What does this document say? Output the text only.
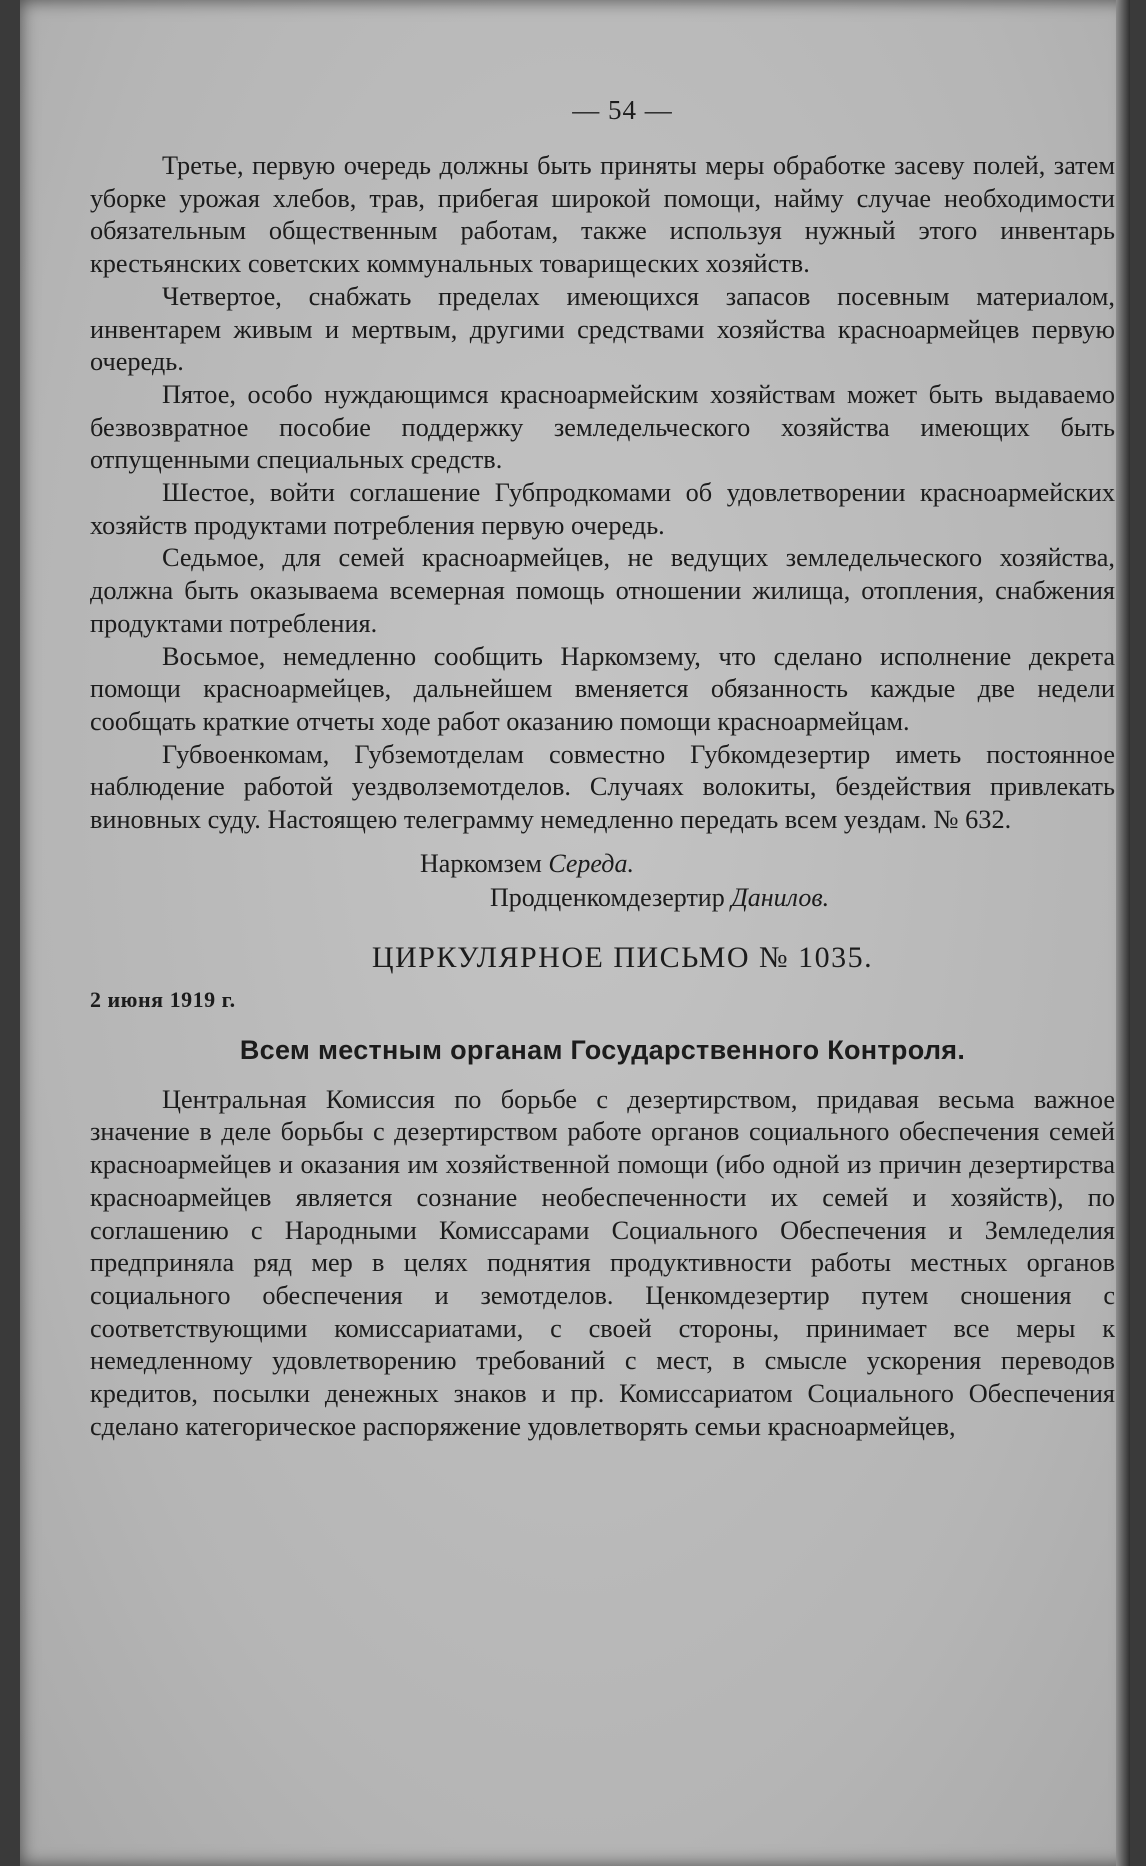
— 54 —

Третье, первую очередь должны быть приняты меры обработке засеву полей, затем уборке урожая хлебов, трав, прибегая широкой помощи, найму случае необходимости обязательным общественным работам, также используя нужный этого инвентарь крестьянских советских коммунальных товарищеских хозяйств.

Четвертое, снабжать пределах имеющихся запасов посевным материалом, инвентарем живым и мертвым, другими средствами хозяйства красноармейцев первую очередь.

Пятое, особо нуждающимся красноармейским хозяйствам может быть выдаваемо безвозвратное пособие поддержку земледельческого хозяйства имеющих быть отпущенными специальных средств.

Шестое, войти соглашение Губпродкомами об удовлетворении красноармейских хозяйств продуктами потребления первую очередь.

Седьмое, для семей красноармейцев, не ведущих земледельческого хозяйства, должна быть оказываема всемерная помощь отношении жилища, отопления, снабжения продуктами потребления.

Восьмое, немедленно сообщить Наркомзему, что сделано исполнение декрета помощи красноармейцев, дальнейшем вменяется обязанность каждые две недели сообщать краткие отчеты ходе работ оказанию помощи красноармейцам.

Губвоенкомам, Губземотделам совместно Губкомдезертир иметь постоянное наблюдение работой уездволземотделов. Случаях волокиты, бездействия привлекать виновных суду. Настоящею телеграмму немедленно передать всем уездам. № 632.

Наркомзем Середа.
Продценкомдезертир Данилов.
ЦИРКУЛЯРНОЕ ПИСЬМО № 1035.
2 июня 1919 г.
Всем местным органам Государственного Контроля.

Центральная Комиссия по борьбе с дезертирством, придавая весьма важное значение в деле борьбы с дезертирством работе органов социального обеспечения семей красноармейцев и оказания им хозяйственной помощи (ибо одной из причин дезертирства красноармейцев является сознание необеспеченности их семей и хозяйств), по соглашению с Народными Комиссарами Социального Обеспечения и Земледелия предприняла ряд мер в целях поднятия продуктивности работы местных органов социального обеспечения и земотделов. Ценкомдезертир путем сношения с соответствующими комиссариатами, с своей стороны, принимает все меры к немедленному удовлетворению требований с мест, в смысле ускорения переводов кредитов, посылки денежных знаков и пр. Комиссариатом Социального Обеспечения сделано категорическое распоряжение удовлетворять семьи красноармейцев,
